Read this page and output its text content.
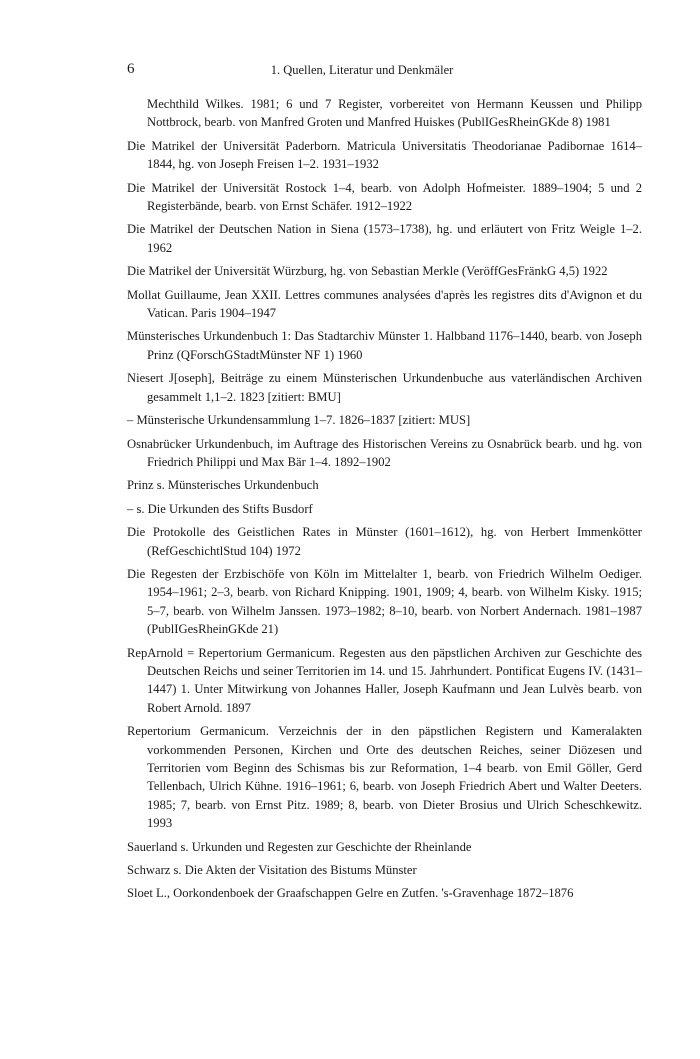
6	1. Quellen, Literatur und Denkmäler

Mechthild Wilkes. 1981; 6 und 7 Register, vorbereitet von Hermann Keussen und Philipp Nottbrock, bearb. von Manfred Groten und Manfred Huiskes (PublIGesRheinGKde 8) 1981

Die Matrikel der Universität Paderborn. Matricula Universitatis Theodorianae Padibornae 1614–1844, hg. von Joseph Freisen 1–2. 1931–1932

Die Matrikel der Universität Rostock 1–4, bearb. von Adolph Hofmeister. 1889–1904; 5 und 2 Registerbände, bearb. von Ernst Schäfer. 1912–1922

Die Matrikel der Deutschen Nation in Siena (1573–1738), hg. und erläutert von Fritz Weigle 1–2. 1962

Die Matrikel der Universität Würzburg, hg. von Sebastian Merkle (VeröffGesFränkG 4,5) 1922

Mollat Guillaume, Jean XXII. Lettres communes analysées d'après les registres dits d'Avignon et du Vatican. Paris 1904–1947

Münsterisches Urkundenbuch 1: Das Stadtarchiv Münster 1. Halbband 1176–1440, bearb. von Joseph Prinz (QForschGStadtMünster NF 1) 1960

Niesert J[oseph], Beiträge zu einem Münsterischen Urkundenbuche aus vaterländischen Archiven gesammelt 1,1–2. 1823 [zitiert: BMU]

– Münsterische Urkundensammlung 1–7. 1826–1837 [zitiert: MUS]

Osnabrücker Urkundenbuch, im Auftrage des Historischen Vereins zu Osnabrück bearb. und hg. von Friedrich Philippi und Max Bär 1–4. 1892–1902

Prinz s. Münsterisches Urkundenbuch

– s. Die Urkunden des Stifts Busdorf

Die Protokolle des Geistlichen Rates in Münster (1601–1612), hg. von Herbert Immenkötter (RefGeschichtlStud 104) 1972

Die Regesten der Erzbischöfe von Köln im Mittelalter 1, bearb. von Friedrich Wilhelm Oediger. 1954–1961; 2–3, bearb. von Richard Knipping. 1901, 1909; 4, bearb. von Wilhelm Kisky. 1915; 5–7, bearb. von Wilhelm Janssen. 1973–1982; 8–10, bearb. von Norbert Andernach. 1981–1987 (PublIGesRheinGKde 21)

RepArnold = Repertorium Germanicum. Regesten aus den päpstlichen Archiven zur Geschichte des Deutschen Reichs und seiner Territorien im 14. und 15. Jahrhundert. Pontificat Eugens IV. (1431–1447) 1. Unter Mitwirkung von Johannes Haller, Joseph Kaufmann und Jean Lulvès bearb. von Robert Arnold. 1897

Repertorium Germanicum. Verzeichnis der in den päpstlichen Registern und Kameralakten vorkommenden Personen, Kirchen und Orte des deutschen Reiches, seiner Diözesen und Territorien vom Beginn des Schismas bis zur Reformation, 1–4 bearb. von Emil Göller, Gerd Tellenbach, Ulrich Kühne. 1916–1961; 6, bearb. von Joseph Friedrich Abert und Walter Deeters. 1985; 7, bearb. von Ernst Pitz. 1989; 8, bearb. von Dieter Brosius und Ulrich Scheschkewitz. 1993

Sauerland s. Urkunden und Regesten zur Geschichte der Rheinlande

Schwarz s. Die Akten der Visitation des Bistums Münster

Sloet L., Oorkondenboek der Graafschappen Gelre en Zutfen. 's-Gravenhage 1872–1876
